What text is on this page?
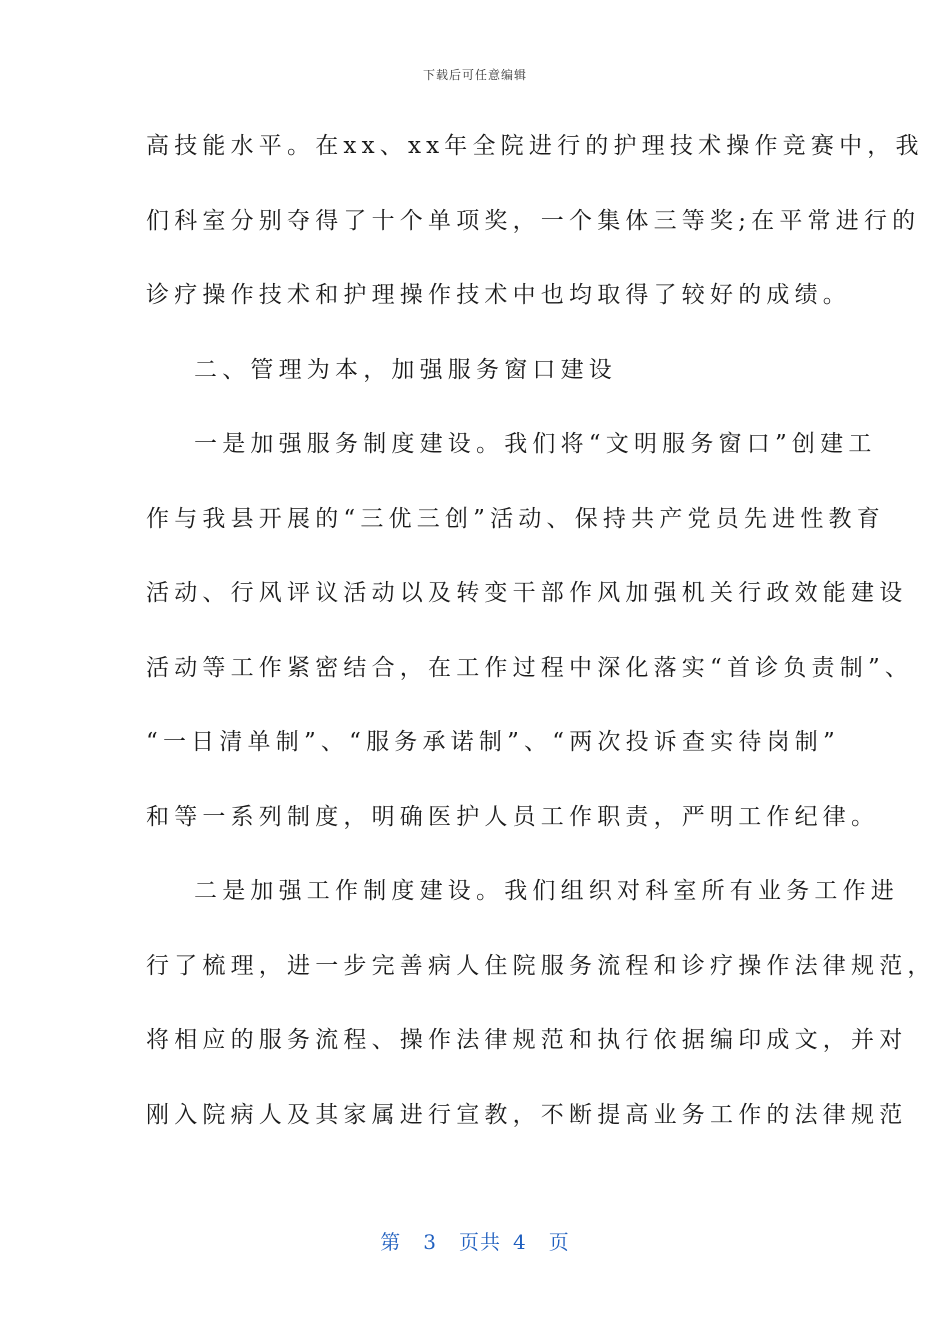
下载后可任意编辑
高技能水平。在xx、xx年全院进行的护理技术操作竞赛中，我
们科室分别夺得了十个单项奖，一个集体三等奖;在平常进行的
诊疗操作技术和护理操作技术中也均取得了较好的成绩。
二、管理为本，加强服务窗口建设
一是加强服务制度建设。我们将“文明服务窗口”创建工
作与我县开展的“三优三创”活动、保持共产党员先进性教育
活动、行风评议活动以及转变干部作风加强机关行政效能建设
活动等工作紧密结合，在工作过程中深化落实“首诊负责制”、
“一日清单制”、“服务承诺制”、“两次投诉查实待岗制”
和等一系列制度，明确医护人员工作职责，严明工作纪律。
二是加强工作制度建设。我们组织对科室所有业务工作进
行了梳理，进一步完善病人住院服务流程和诊疗操作法律规范，
将相应的服务流程、操作法律规范和执行依据编印成文，并对
刚入院病人及其家属进行宣教，不断提高业务工作的法律规范
第 3 页共 4 页
